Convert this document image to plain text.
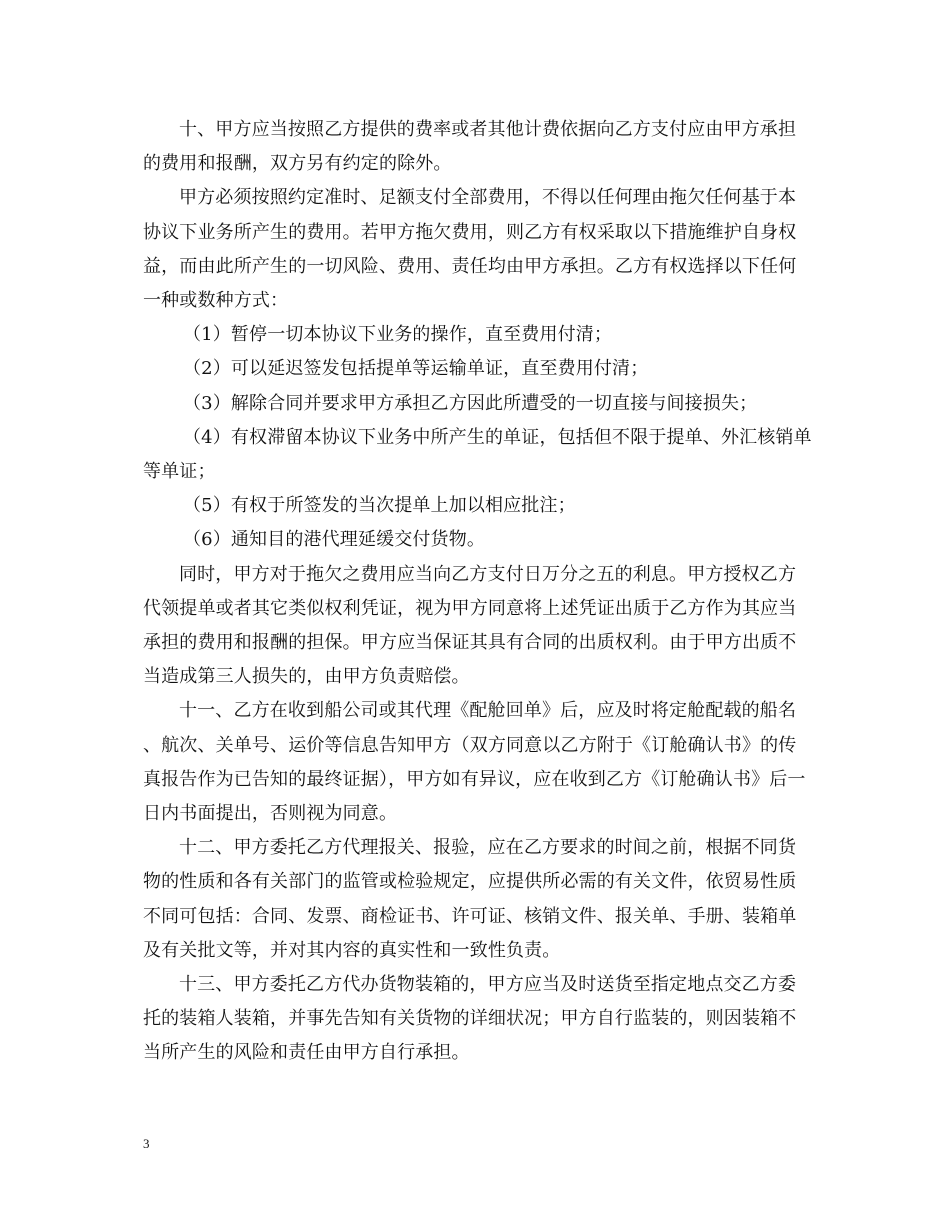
十、甲方应当按照乙方提供的费率或者其他计费依据向乙方支付应由甲方承担的费用和报酬，双方另有约定的除外。

甲方必须按照约定准时、足额支付全部费用，不得以任何理由拖欠任何基于本协议下业务所产生的费用。若甲方拖欠费用，则乙方有权采取以下措施维护自身权益，而由此所产生的一切风险、费用、责任均由甲方承担。乙方有权选择以下任何一种或数种方式：

（1）暂停一切本协议下业务的操作，直至费用付清；

（2）可以延迟签发包括提单等运输单证，直至费用付清；

（3）解除合同并要求甲方承担乙方因此所遭受的一切直接与间接损失；

（4）有权滞留本协议下业务中所产生的单证，包括但不限于提单、外汇核销单等单证；

（5）有权于所签发的当次提单上加以相应批注；

（6）通知目的港代理延缓交付货物。

同时，甲方对于拖欠之费用应当向乙方支付日万分之五的利息。甲方授权乙方代领提单或者其它类似权利凭证，视为甲方同意将上述凭证出质于乙方作为其应当承担的费用和报酬的担保。甲方应当保证其具有合同的出质权利。由于甲方出质不当造成第三人损失的，由甲方负责赔偿。

十一、乙方在收到船公司或其代理《配舱回单》后，应及时将定舱配载的船名、航次、关单号、运价等信息告知甲方（双方同意以乙方附于《订舱确认书》的传真报告作为已告知的最终证据），甲方如有异议，应在收到乙方《订舱确认书》后一日内书面提出，否则视为同意。

十二、甲方委托乙方代理报关、报验，应在乙方要求的时间之前，根据不同货物的性质和各有关部门的监管或检验规定，应提供所必需的有关文件，依贸易性质不同可包括：合同、发票、商检证书、许可证、核销文件、报关单、手册、装箱单及有关批文等，并对其内容的真实性和一致性负责。

十三、甲方委托乙方代办货物装箱的，甲方应当及时送货至指定地点交乙方委托的装箱人装箱，并事先告知有关货物的详细状况；甲方自行监装的，则因装箱不当所产生的风险和责任由甲方自行承担。

3
